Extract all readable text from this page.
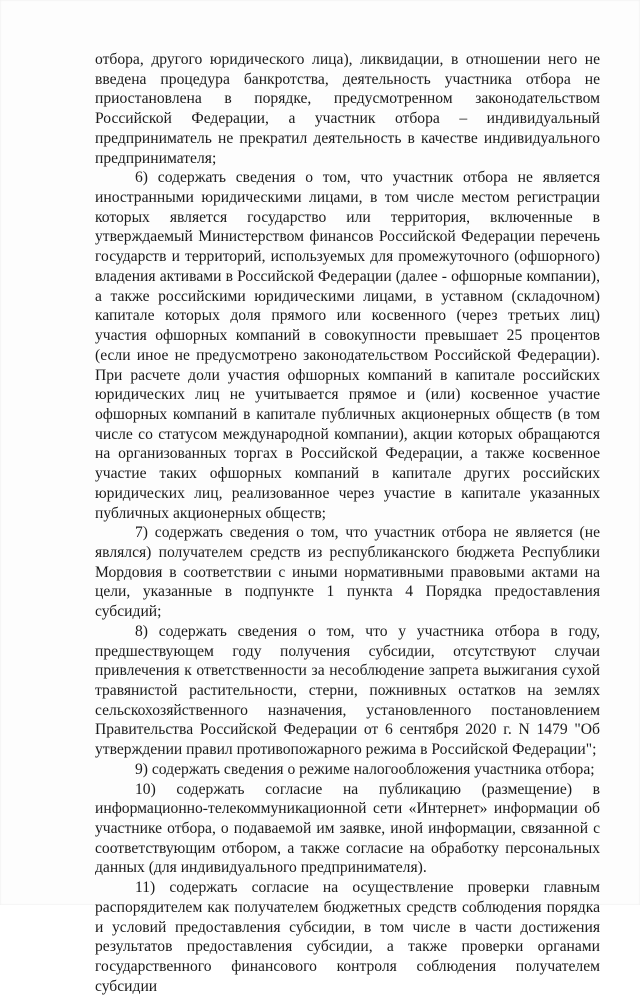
отбора, другого юридического лица), ликвидации, в отношении него не введена процедура банкротства, деятельность участника отбора не приостановлена в порядке, предусмотренном законодательством Российской Федерации, а участник отбора – индивидуальный предприниматель не прекратил деятельность в качестве индивидуального предпринимателя;

6) содержать сведения о том, что участник отбора не является иностранными юридическими лицами, в том числе местом регистрации которых является государство или территория, включенные в утверждаемый Министерством финансов Российской Федерации перечень государств и территорий, используемых для промежуточного (офшорного) владения активами в Российской Федерации (далее - офшорные компании), а также российскими юридическими лицами, в уставном (складочном) капитале которых доля прямого или косвенного (через третьих лиц) участия офшорных компаний в совокупности превышает 25 процентов (если иное не предусмотрено законодательством Российской Федерации). При расчете доли участия офшорных компаний в капитале российских юридических лиц не учитывается прямое и (или) косвенное участие офшорных компаний в капитале публичных акционерных обществ (в том числе со статусом международной компании), акции которых обращаются на организованных торгах в Российской Федерации, а также косвенное участие таких офшорных компаний в капитале других российских юридических лиц, реализованное через участие в капитале указанных публичных акционерных обществ;

7) содержать сведения о том, что участник отбора не является (не являлся) получателем средств из республиканского бюджета Республики Мордовия в соответствии с иными нормативными правовыми актами на цели, указанные в подпункте 1 пункта 4 Порядка предоставления субсидий;

8) содержать сведения о том, что у участника отбора в году, предшествующем году получения субсидии, отсутствуют случаи привлечения к ответственности за несоблюдение запрета выжигания сухой травянистой растительности, стерни, пожнивных остатков на землях сельскохозяйственного назначения, установленного постановлением Правительства Российской Федерации от 6 сентября 2020 г. N 1479 "Об утверждении правил противопожарного режима в Российской Федерации";

9) содержать сведения о режиме налогообложения участника отбора;

10) содержать согласие на публикацию (размещение) в информационно-телекоммуникационной сети «Интернет» информации об участнике отбора, о подаваемой им заявке, иной информации, связанной с соответствующим отбором, а также согласие на обработку персональных данных (для индивидуального предпринимателя).

11) содержать согласие на осуществление проверки главным распорядителем как получателем бюджетных средств соблюдения порядка и условий предоставления субсидии, в том числе в части достижения результатов предоставления субсидии, а также проверки органами государственного финансового контроля соблюдения получателем субсидии
